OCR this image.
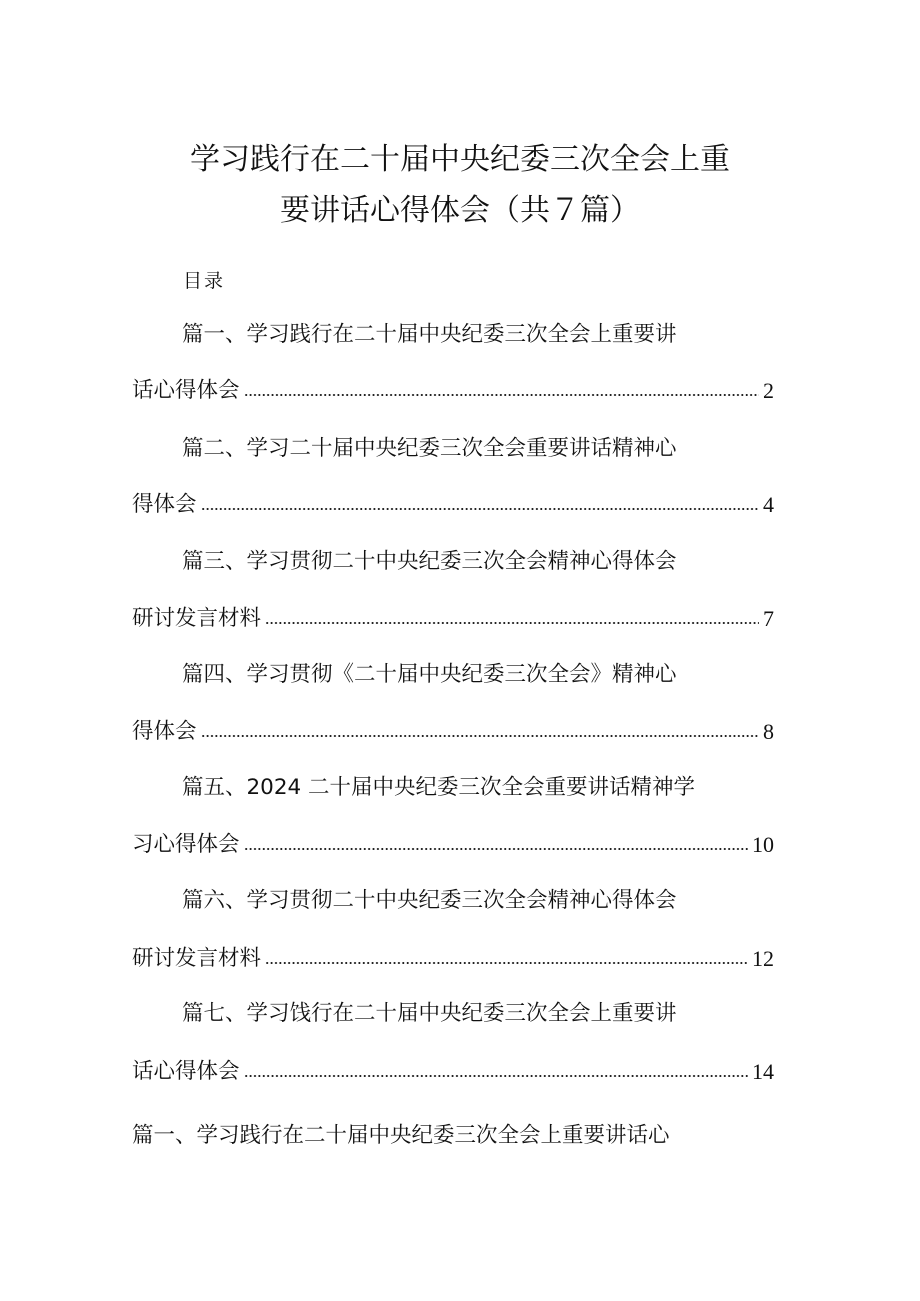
学习践行在二十届中央纪委三次全会上重
要讲话心得体会（共７篇）
目录
篇一、学习践行在二十届中央纪委三次全会上重要讲
话心得体会	2
篇二、学习二十届中央纪委三次全会重要讲话精神心
得体会	4
篇三、学习贯彻二十中央纪委三次全会精神心得体会
研讨发言材料	7
篇四、学习贯彻《二十届中央纪委三次全会》精神心
得体会	8
篇五、2024 二十届中央纪委三次全会重要讲话精神学
习心得体会	10
篇六、学习贯彻二十中央纪委三次全会精神心得体会
研讨发言材料	12
篇七、学习饯行在二十届中央纪委三次全会上重要讲
话心得体会	14
篇一、学习践行在二十届中央纪委三次全会上重要讲话心
